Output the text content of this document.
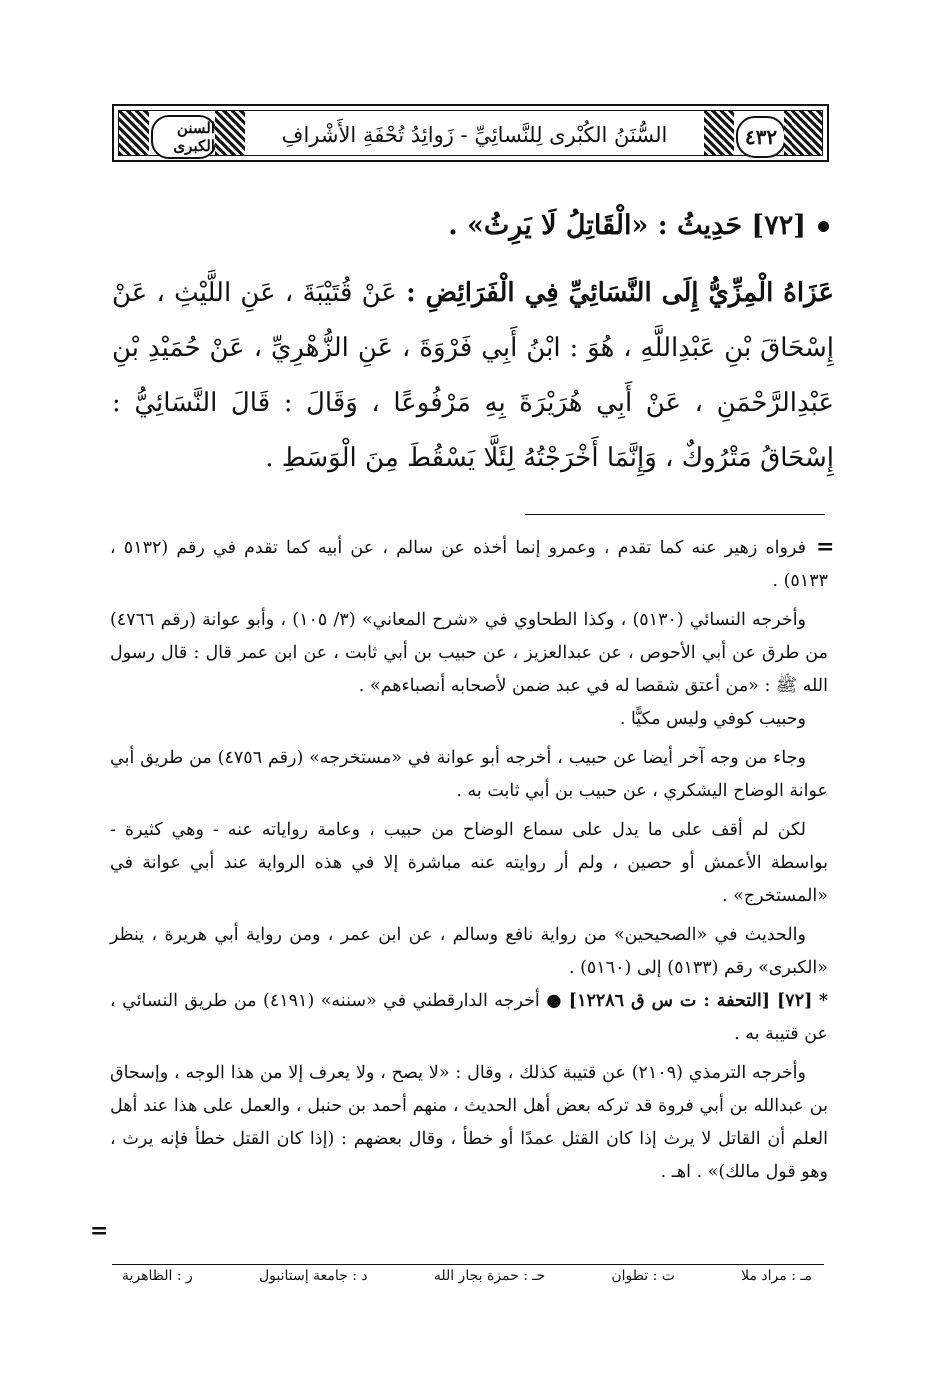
السنن الكبرى	السُّنَنُ الكُبْرى لِلنَّسائِيِّ - زَوائِدُ تُحْفَةِ الأَشْرافِ	٤٣٢
[٧٢] حَدِيثُ : «الْقَاتِلُ لَا يَرِثُ» .
عَزَاهُ الْمِزِّيُّ إِلَى النَّسَائِيِّ فِي الْفَرَائِضِ : عَنْ قُتَيْبَةَ ، عَنِ اللَّيْثِ ، عَنْ إِسْحَاقَ بْنِ عَبْدِاللَّهِ ، هُوَ : ابْنُ أَبِي فَرْوَةَ ، عَنِ الزُّهْرِيِّ ، عَنْ حُمَيْدِ بْنِ عَبْدِالرَّحْمَنِ ، عَنْ أَبِي هُرَيْرَةَ بِهِ مَرْفُوعًا ، وَقَالَ : قَالَ النَّسَائِيُّ : إِسْحَاقُ مَتْرُوكٌ ، وَإِنَّمَا أَخْرَجْتُهُ لِئَلَّا يَسْقُطَ مِنَ الْوَسَطِ .
=

فرواه زهير عنه كما تقدم ، وعمرو إنما أخذه عن سالم ، عن أبيه كما تقدم في رقم (٥١٣٢ ، ٥١٣٣) .

وأخرجه النسائي (٥١٣٠) ، وكذا الطحاوي في «شرح المعاني» (٣/ ١٠٥) ، وأبو عوانة (رقم ٤٧٦٦) من طرق عن أبي الأحوص ، عن عبدالعزيز ، عن حبيب بن أبي ثابت ، عن ابن عمر قال : قال رسول الله ﷺ : «من أعتق شقصا له في عبد ضمن لأصحابه أنصباءهم» .

وحبيب كوفي وليس مكيًّا .

وجاء من وجه آخر أيضا عن حبيب ، أخرجه أبو عوانة في «مستخرجه» (رقم ٤٧٥٦) من طريق أبي عوانة الوضاح اليشكري ، عن حبيب بن أبي ثابت به .

لكن لم أقف على ما يدل على سماع الوضاح من حبيب ، وعامة رواياته عنه - وهي كثيرة - بواسطة الأعمش أو حصين ، ولم أر روايته عنه مباشرة إلا في هذه الرواية عند أبي عوانة في «المستخرج» .

والحديث في «الصحيحين» من رواية نافع وسالم ، عن ابن عمر ، ومن رواية أبي هريرة ، ينظر «الكبرى» رقم (٥١٣٣) إلى (٥١٦٠) .

* [٧٢] [التحفة : ت س ق ١٢٢٨٦] ● أخرجه الدارقطني في «سننه» (٤١٩١) من طريق النسائي ، عن قتيبة به .

وأخرجه الترمذي (٢١٠٩) عن قتيبة كذلك ، وقال : «لا يصح ، ولا يعرف إلا من هذا الوجه ، وإسحاق بن عبدالله بن أبي فروة قد تركه بعض أهل الحديث ، منهم أحمد بن حنبل ، والعمل على هذا عند أهل العلم أن القاتل لا يرث إذا كان القتل عمدًا أو خطأ ، وقال بعضهم : (إذا كان القتل خطأ فإنه يرث ، وهو قول مالك)» . اهـ .

=
ر : الظاهرية	د : جامعة إستانبول	حـ : حمزة بجار الله	ت : تطوان	مـ : مراد ملا
